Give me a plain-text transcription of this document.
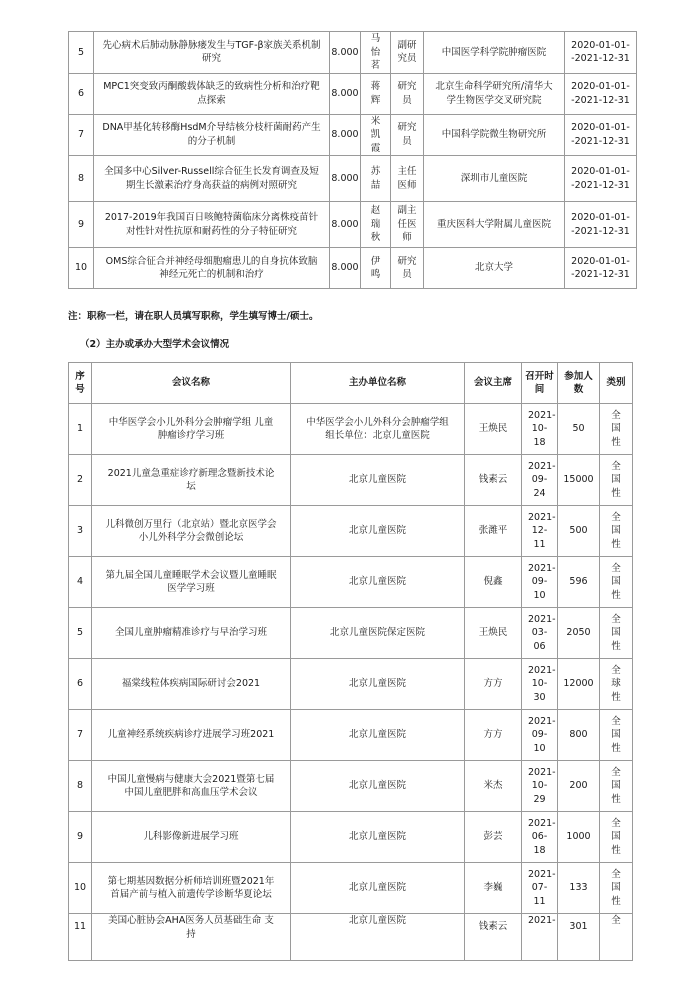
5	先心病术后肺动脉静脉瘘发生与TGF-β家族关系机制研究	8.000	马怡茗	副研究员	中国医学科学院肿瘤医院	2020-01-01--2021-12-31
6	MPC1突变致丙酮酸载体缺乏的致病性分析和治疗靶点探索	8.000	蒋辉	研究员	北京生命科学研究所/清华大学生物医学交叉研究院	2020-01-01--2021-12-31
7	DNA甲基化转移酶HsdM介导结核分枝杆菌耐药产生的分子机制	8.000	米凯霞	研究员	中国科学院微生物研究所	2020-01-01--2021-12-31
8	全国多中心Silver-Russell综合征生长发育调查及短期生长激素治疗身高获益的病例对照研究	8.000	苏喆	主任医师	深圳市儿童医院	2020-01-01--2021-12-31
9	2017-2019年我国百日咳鲍特菌临床分离株疫苗针对性针对性抗原和耐药性的分子特征研究	8.000	赵瑞秋	副主任医师	重庆医科大学附属儿童医院	2020-01-01--2021-12-31
10	OMS综合征合并神经母细胞瘤患儿的自身抗体致脑神经元死亡的机制和治疗	8.000	伊鸣	研究员	北京大学	2020-01-01--2021-12-31
注：职称一栏，请在职人员填写职称，学生填写博士/硕士。
（2）主办或承办大型学术会议情况
序号	会议名称	主办单位名称	会议主席	召开时间	参加人数	类别
1	中华医学会小儿外科分会肿瘤学组 儿童肿瘤诊疗学习班	中华医学会小儿外科分会肿瘤学组 组长单位：北京儿童医院	王焕民	2021-10-18	50	全国性
2	2021儿童急重症诊疗新理念暨新技术论坛	北京儿童医院	钱素云	2021-09-24	15000	全国性
3	儿科微创万里行（北京站）暨北京医学会小儿外科学分会微创论坛	北京儿童医院	张潍平	2021-12-11	500	全国性
4	第九届全国儿童睡眠学术会议暨儿童睡眠医学学习班	北京儿童医院	倪鑫	2021-09-10	596	全国性
5	全国儿童肿瘤精准诊疗与早治学习班	北京儿童医院保定医院	王焕民	2021-03-06	2050	全国性
6	福棠线粒体疾病国际研讨会2021	北京儿童医院	方方	2021-10-30	12000	全球性
7	儿童神经系统疾病诊疗进展学习班2021	北京儿童医院	方方	2021-09-10	800	全国性
8	中国儿童慢病与健康大会2021暨第七届中国儿童肥胖和高血压学术会议	北京儿童医院	米杰	2021-10-29	200	全国性
9	儿科影像新进展学习班	北京儿童医院	彭芸	2021-06-18	1000	全国性
10	第七期基因数据分析师培训班暨2021年首届产前与植入前遗传学诊断华夏论坛	北京儿童医院	李巍	2021-07-11	133	全国性
11	美国心脏协会AHA医务人员基础生命 支持	北京儿童医院	钱素云	2021-	301	全
